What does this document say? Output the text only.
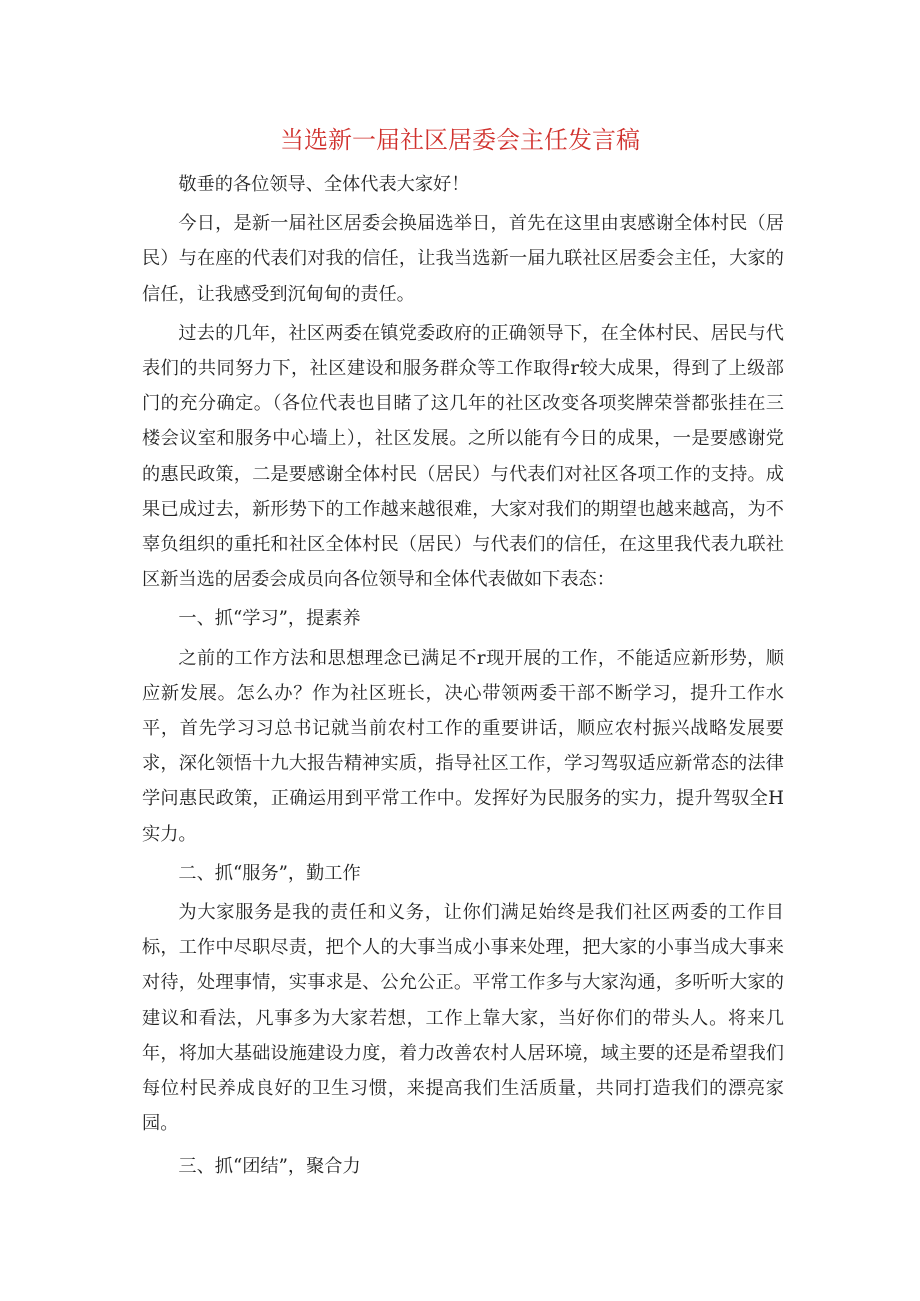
当选新一届社区居委会主任发言稿

敬垂的各位领导、全体代表大家好！

今日，是新一届社区居委会换届选举日，首先在这里由衷感谢全体村民（居民）与在座的代表们对我的信任，让我当选新一届九联社区居委会主任，大家的信任，让我感受到沉甸甸的责任。

过去的几年，社区两委在镇党委政府的正确领导下，在全体村民、居民与代表们的共同努力下，社区建设和服务群众等工作取得r较大成果，得到了上级部门的充分确定。（各位代表也目睹了这几年的社区改变各项奖牌荣誉都张挂在三楼会议室和服务中心墙上），社区发展。之所以能有今日的成果，一是要感谢党的惠民政策，二是要感谢全体村民（居民）与代表们对社区各项工作的支持。成果已成过去，新形势下的工作越来越很难，大家对我们的期望也越来越高，为不辜负组织的重托和社区全体村民（居民）与代表们的信任，在这里我代表九联社区新当选的居委会成员向各位领导和全体代表做如下表态：

一、抓“学习”，提素养

之前的工作方法和思想理念已满足不r现开展的工作，不能适应新形势，顺应新发展。怎么办？作为社区班长，决心带领两委干部不断学习，提升工作水平，首先学习习总书记就当前农村工作的重要讲话，顺应农村振兴战略发展要求，深化领悟十九大报告精神实质，指导社区工作，学习驾驭适应新常态的法律学问惠民政策，正确运用到平常工作中。发挥好为民服务的实力，提升驾驭全H实力。

二、抓“服务”，勤工作

为大家服务是我的责任和义务，让你们满足始终是我们社区两委的工作目标，工作中尽职尽责，把个人的大事当成小事来处理，把大家的小事当成大事来对待，处理事情，实事求是、公允公正。平常工作多与大家沟通，多听听大家的建议和看法，凡事多为大家若想，工作上靠大家，当好你们的带头人。将来几年，将加大基础设施建设力度，着力改善农村人居环境，域主要的还是希望我们每位村民养成良好的卫生习惯，来提高我们生活质量，共同打造我们的漂亮家园。

三、抓“团结”，聚合力
